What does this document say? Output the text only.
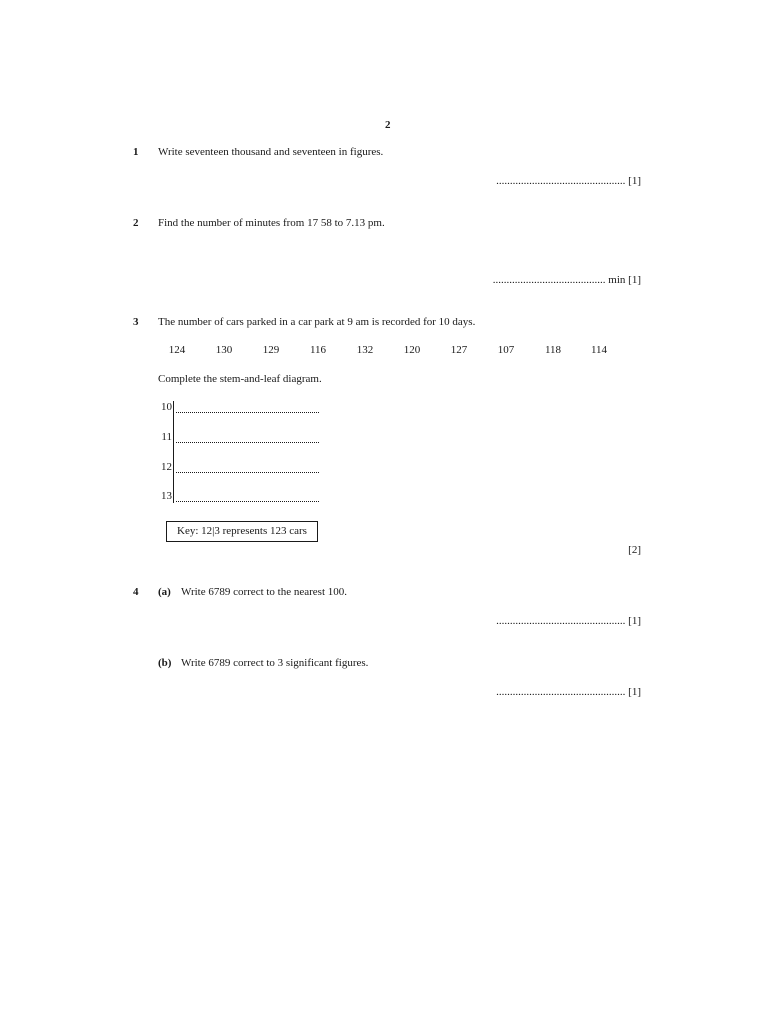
2
1 Write seventeen thousand and seventeen in figures.
............................................... [1]
2 Find the number of minutes from 17 58 to 7.13 pm.
......................................... min [1]
3 The number of cars parked in a car park at 9 am is recorded for 10 days.
124	130	129	116	132	120	127	107	118	114
Complete the stem-and-leaf diagram.
10
11
12
13
Key: 12|3 represents 123 cars
[2]
4 (a) Write 6789 correct to the nearest 100.
............................................... [1]
(b) Write 6789 correct to 3 significant figures.
............................................... [1]
